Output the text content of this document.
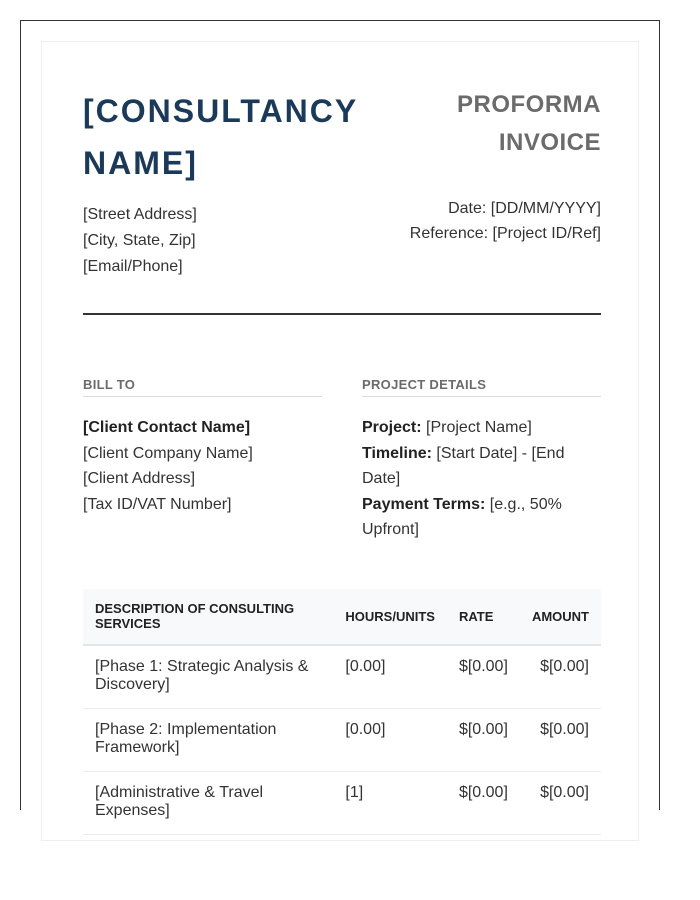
[CONSULTANCY NAME]
[Street Address]
[City, State, Zip]
[Email/Phone]
PROFORMA INVOICE
Date: [DD/MM/YYYY]
Reference: [Project ID/Ref]
BILL TO
[Client Contact Name]
[Client Company Name]
[Client Address]
[Tax ID/VAT Number]
PROJECT DETAILS
Project: [Project Name]
Timeline: [Start Date] - [End Date]
Payment Terms: [e.g., 50% Upfront]
DESCRIPTION OF CONSULTING SERVICES	HOURS/UNITS	RATE	AMOUNT
[Phase 1: Strategic Analysis & Discovery]	[0.00]	$[0.00]	$[0.00]
[Phase 2: Implementation Framework]	[0.00]	$[0.00]	$[0.00]
[Administrative & Travel Expenses]	[1]	$[0.00]	$[0.00]
